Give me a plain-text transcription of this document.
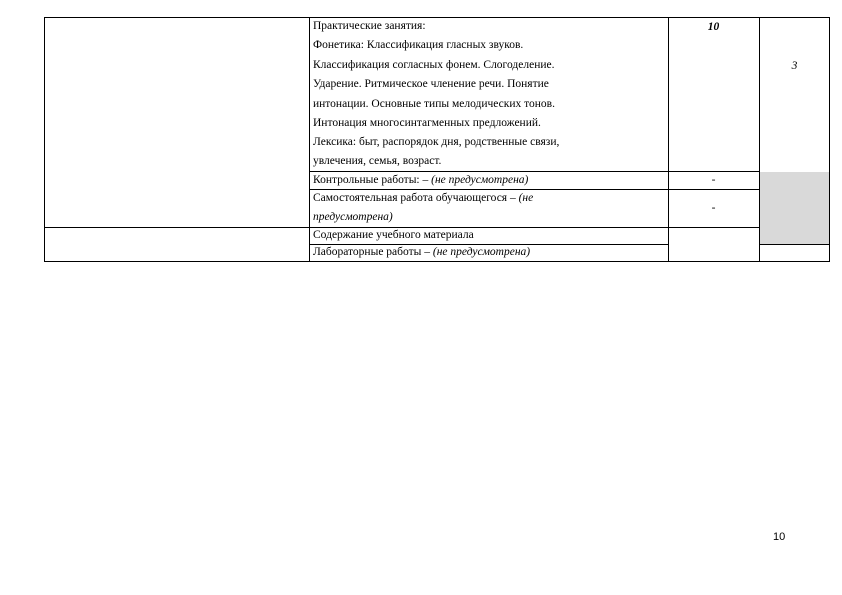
Практические занятия:
Фонетика: Классификация гласных звуков.
Классификация согласных фонем. Слогоделение.
Ударение. Ритмическое членение речи. Понятие
интонации. Основные типы мелодических тонов.
Интонация многосинтагменных предложений.
Лексика: быт, распорядок дня, родственные связи,
увлечения, семья, возраст.
10
3
Контрольные работы: – (не предусмотрена)	-
Самостоятельная работа обучающегося – (не
предусмотрена)
-
Содержание учебного материала
Лабораторные работы – (не предусмотрена)
10
